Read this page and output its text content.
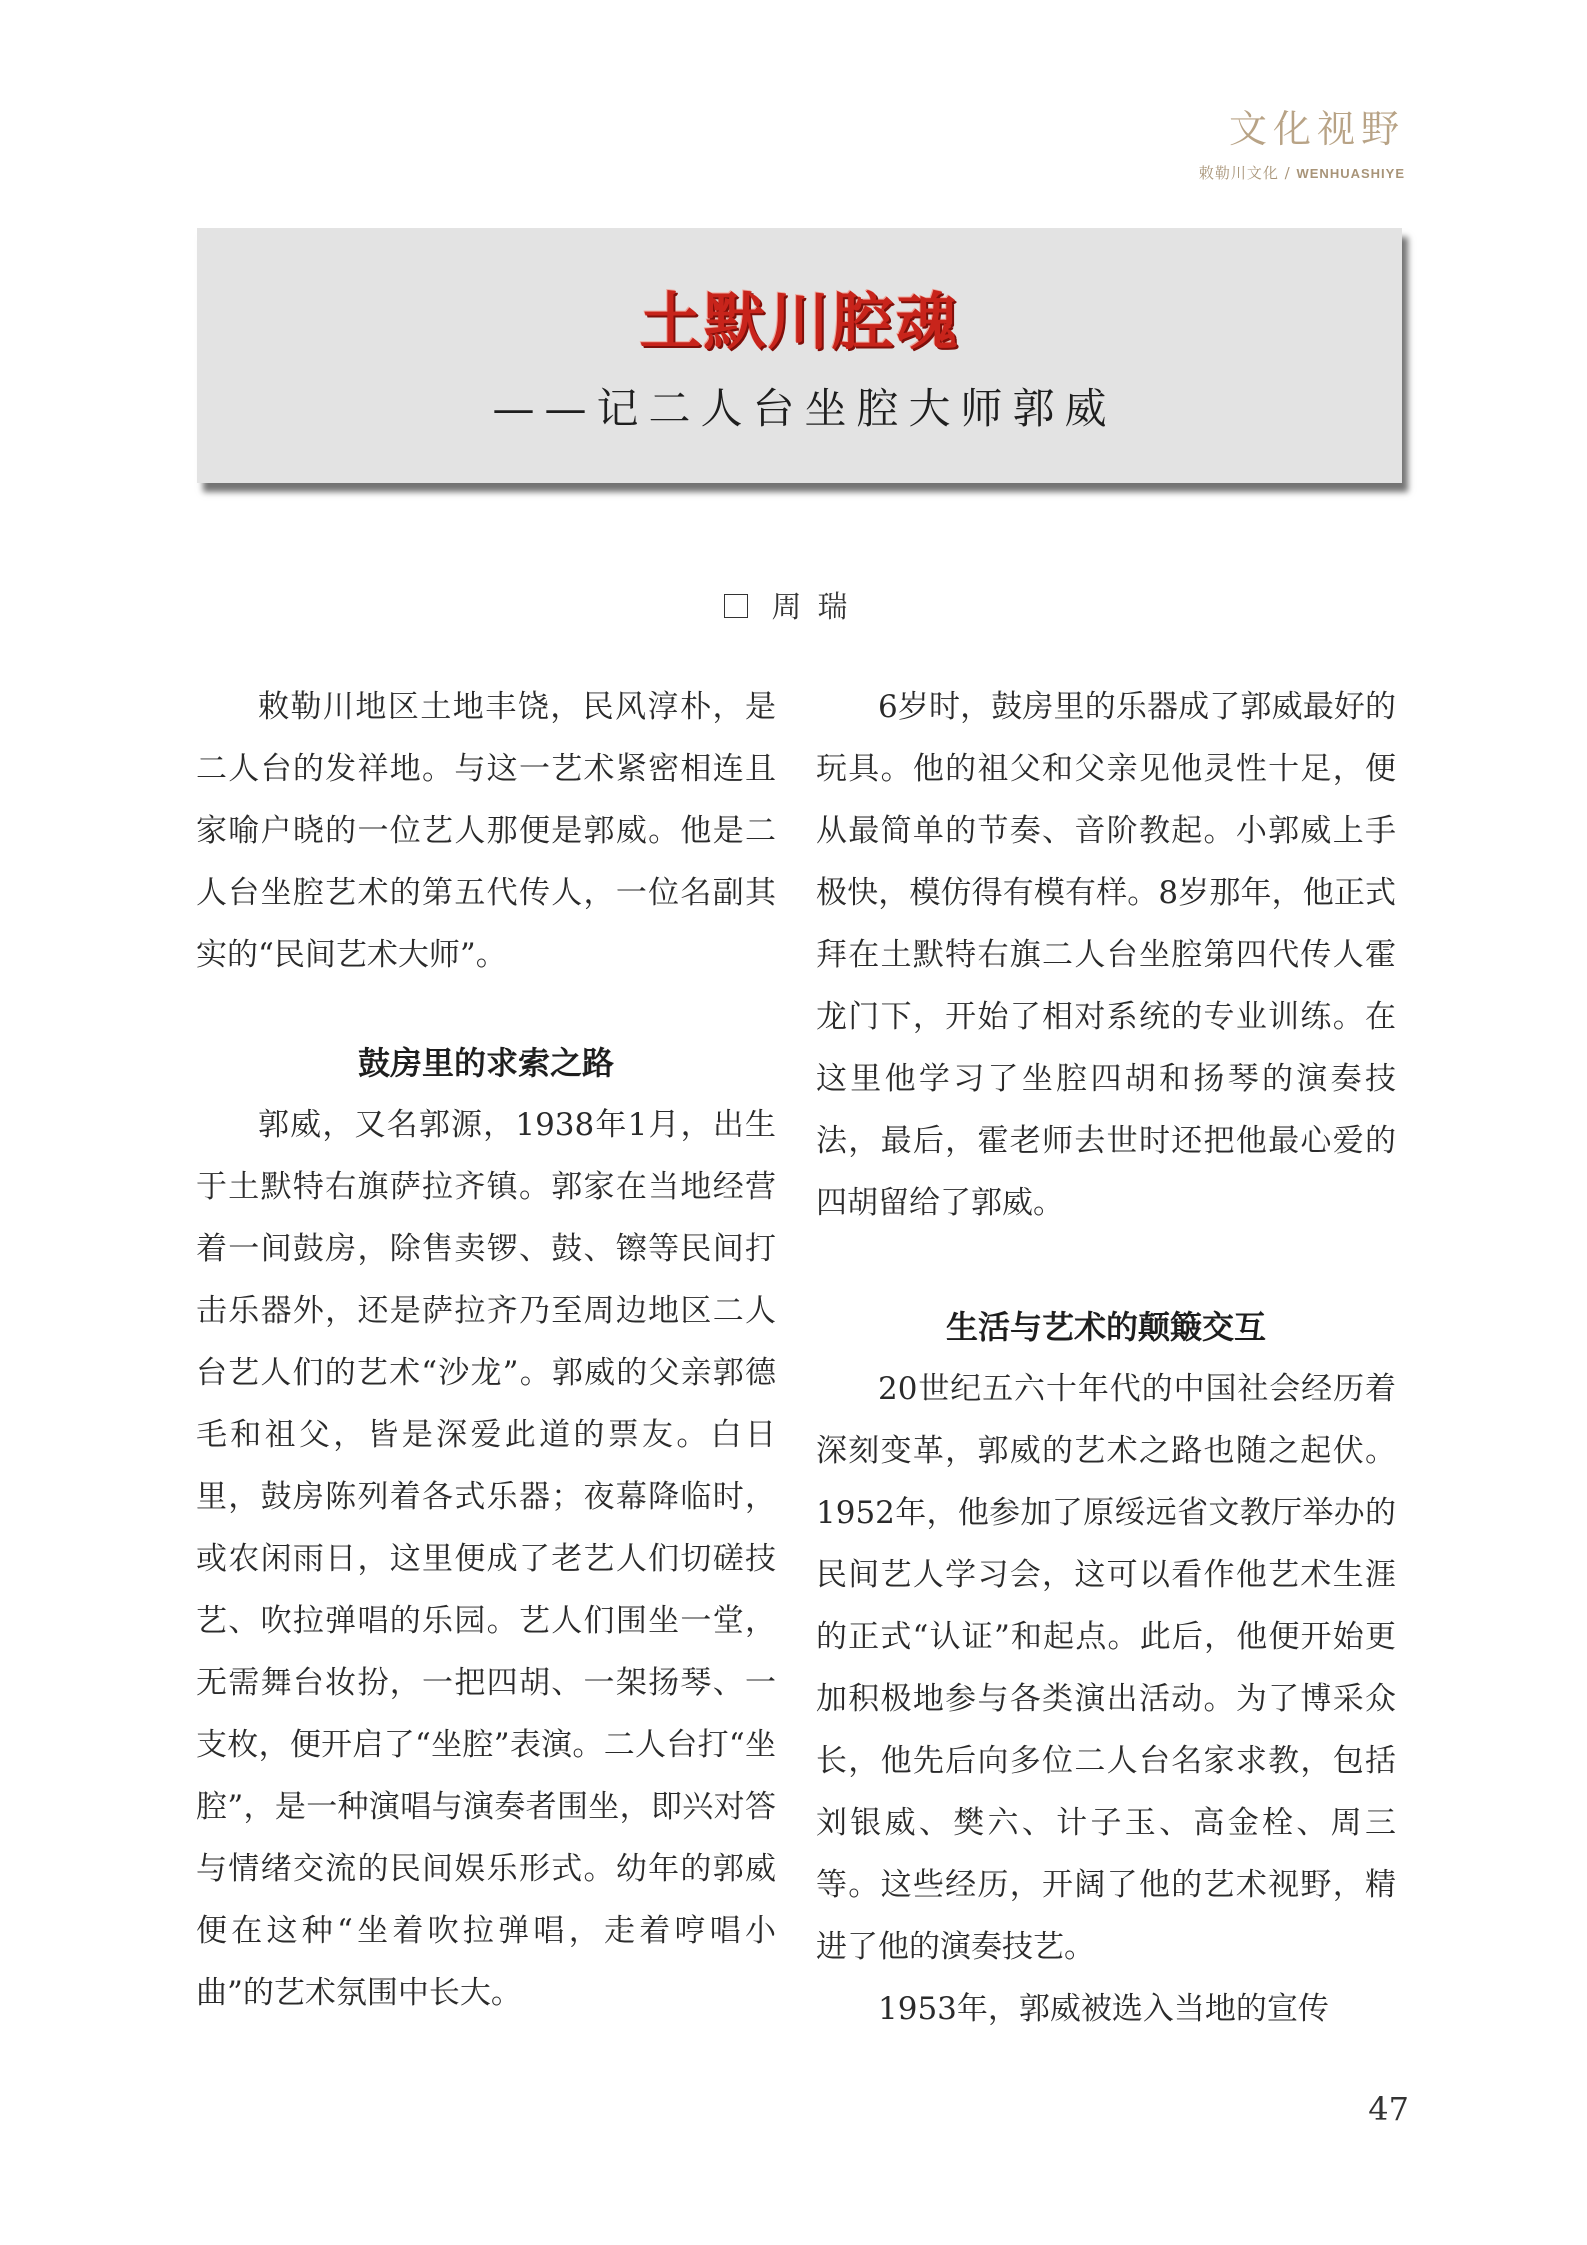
文化视野
敕勒川文化 / WENHUASHIYE
土默川腔魂
——记二人台坐腔大师郭威
周瑞

敕勒川地区土地丰饶，民风淳朴，是二人台的发祥地。与这一艺术紧密相连且家喻户晓的一位艺人那便是郭威。他是二人台坐腔艺术的第五代传人，一位名副其实的“民间艺术大师”。

鼓房里的求索之路

郭威，又名郭源，1938年1月，出生于土默特右旗萨拉齐镇。郭家在当地经营着一间鼓房，除售卖锣、鼓、镲等民间打击乐器外，还是萨拉齐乃至周边地区二人台艺人们的艺术“沙龙”。郭威的父亲郭德毛和祖父，皆是深爱此道的票友。白日里，鼓房陈列着各式乐器；夜幕降临时，或农闲雨日，这里便成了老艺人们切磋技艺、吹拉弹唱的乐园。艺人们围坐一堂，无需舞台妆扮，一把四胡、一架扬琴、一支枚，便开启了“坐腔”表演。二人台打“坐腔”，是一种演唱与演奏者围坐，即兴对答与情绪交流的民间娱乐形式。幼年的郭威便在这种“坐着吹拉弹唱，走着哼唱小曲”的艺术氛围中长大。

6岁时，鼓房里的乐器成了郭威最好的玩具。他的祖父和父亲见他灵性十足，便从最简单的节奏、音阶教起。小郭威上手极快，模仿得有模有样。8岁那年，他正式拜在土默特右旗二人台坐腔第四代传人霍龙门下，开始了相对系统的专业训练。在这里他学习了坐腔四胡和扬琴的演奏技法，最后，霍老师去世时还把他最心爱的四胡留给了郭威。

生活与艺术的颠簸交互

20世纪五六十年代的中国社会经历着深刻变革，郭威的艺术之路也随之起伏。1952年，他参加了原绥远省文教厅举办的民间艺人学习会，这可以看作他艺术生涯的正式“认证”和起点。此后，他便开始更加积极地参与各类演出活动。为了博采众长，他先后向多位二人台名家求教，包括刘银威、樊六、计子玉、高金栓、周三等。这些经历，开阔了他的艺术视野，精进了他的演奏技艺。

1953年，郭威被选入当地的宣传

47
